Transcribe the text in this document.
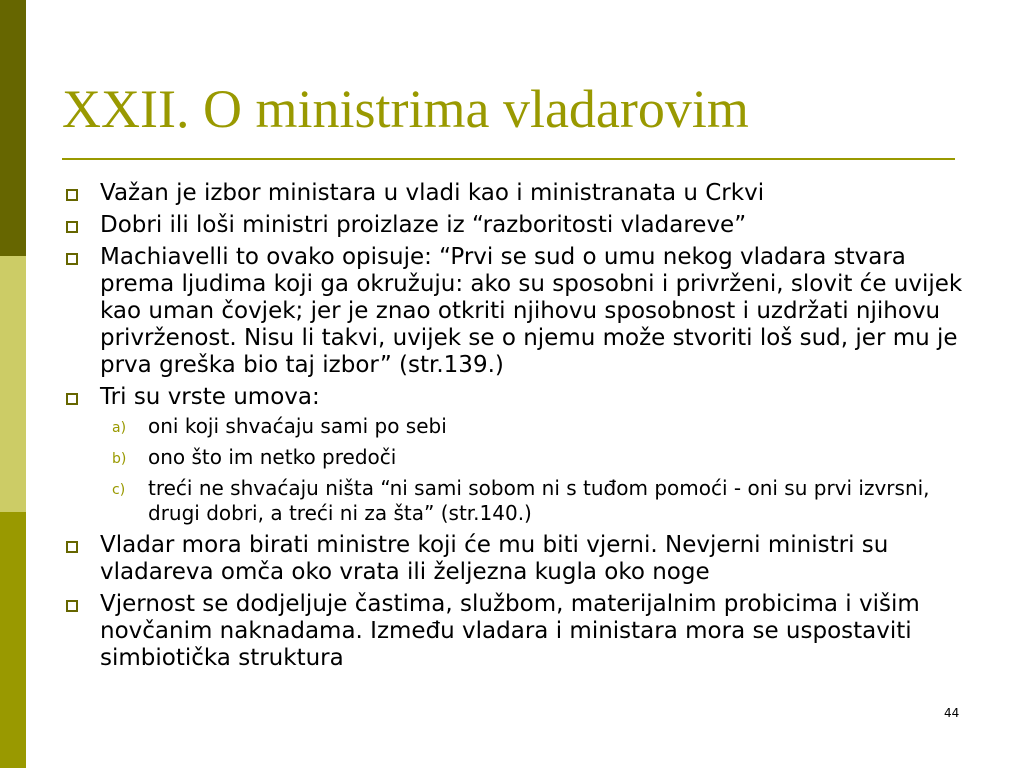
XXII. O ministrima vladarovim
Važan je izbor ministara u vladi kao i ministranata u Crkvi
Dobri ili loši ministri proizlaze iz “razboritosti vladareve”
Machiavelli to ovako opisuje: “Prvi se sud o umu nekog vladara stvara prema ljudima koji ga okružuju: ako su sposobni i privrženi, slovit će uvijek kao uman čovjek; jer je znao otkriti njihovu sposobnost i uzdržati njihovu privrženost. Nisu li takvi, uvijek se o njemu može stvoriti loš sud, jer mu je prva greška bio taj izbor” (str.139.)
Tri su vrste umova:
a) oni koji shvaćaju sami po sebi
b) ono što im netko predoči
c) treći ne shvaćaju ništa “ni sami sobom ni s tuđom pomoći - oni su prvi izvrsni, drugi dobri, a treći ni za šta” (str.140.)
Vladar mora birati ministre koji će mu biti vjerni. Nevjerni ministri su vladareva omča oko vrata ili željezna kugla oko noge
Vjernost se dodjeljuje častima, službom, materijalnim probicima i višim novčanim naknadama. Između vladara i ministara mora se uspostaviti simbiotička struktura
44
